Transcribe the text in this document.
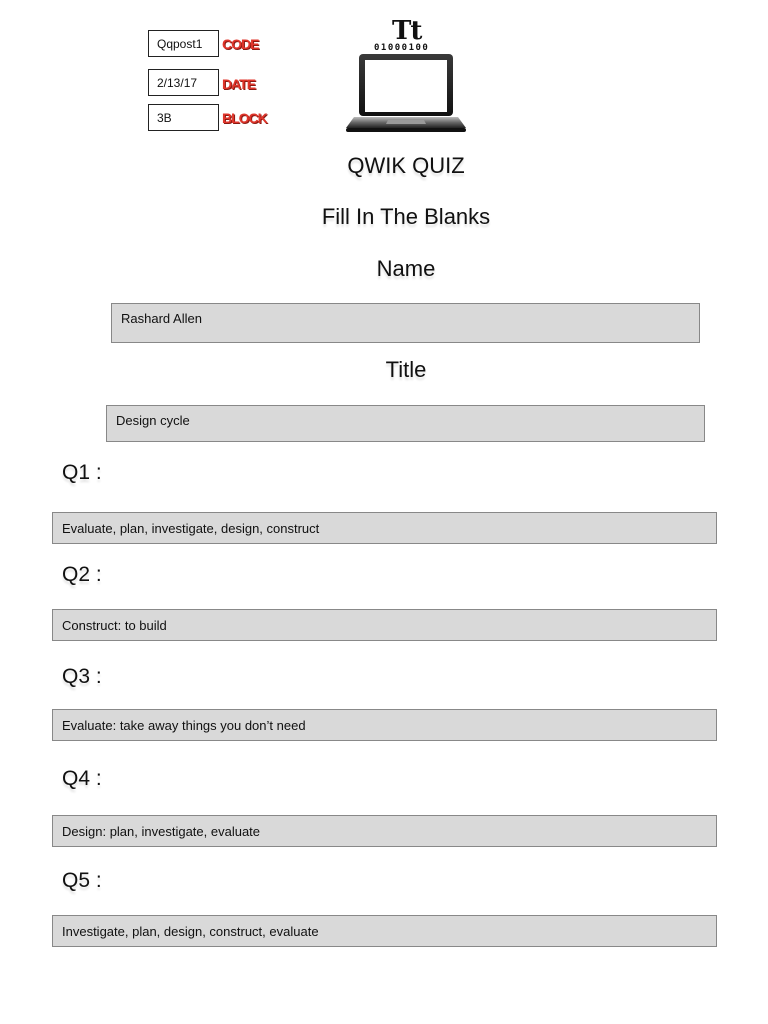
Qqpost1 CODE
2/13/17 DATE
3B	BLOCK
Tt
01000100
QWIK QUIZ
Fill In The Blanks
Name
Rashard Allen
Title
Design cycle
Q1 :
Evaluate, plan, investigate, design, construct
Q2 :
Construct: to build
Q3 :
Evaluate: take away things you don’t need
Q4 :
Design: plan, investigate, evaluate
Q5 :
Investigate, plan, design, construct, evaluate
